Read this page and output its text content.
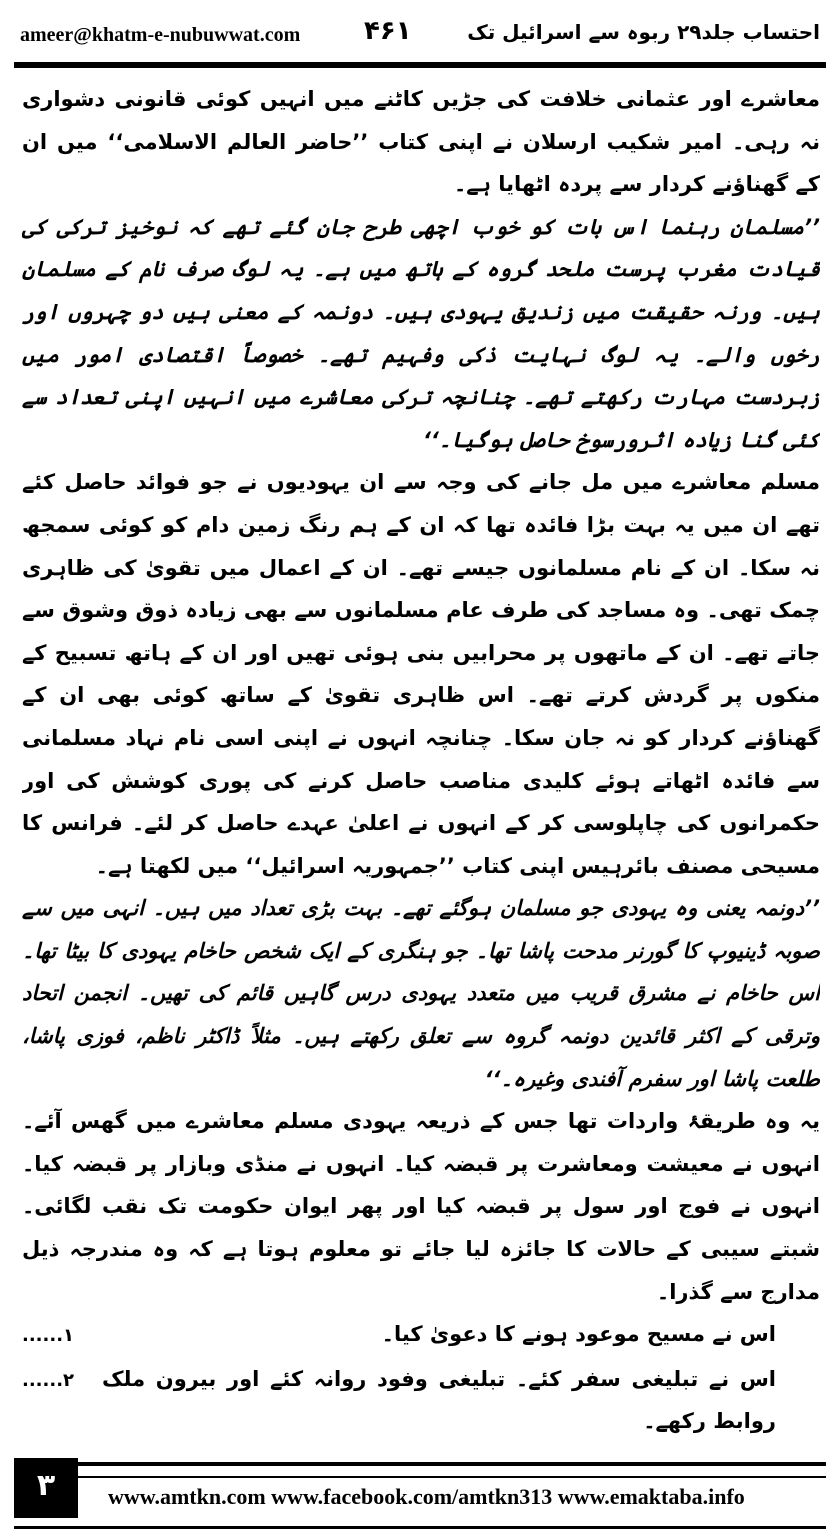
ameer@khatm-e-nubuwwat.com ۴۶۱	احتساب جلد۲۹ ربوہ سے اسرائیل تک

معاشرے اور عثمانی خلافت کی جڑیں کاٹنے میں انہیں کوئی قانونی دشواری نہ رہی۔ امیر شکیب ارسلان نے اپنی کتاب ’’حاضر العالم الاسلامی‘‘ میں ان کے گھناؤنے کردار سے پردہ اٹھایا ہے۔

’’مسلمان رہنما اس بات کو خوب اچھی طرح جان گئے تھے کہ نوخیز ترکی کی قیادت مغرب پرست ملحد گروہ کے ہاتھ میں ہے۔ یہ لوگ صرف نام کے مسلمان ہیں۔ ورنہ حقیقت میں زندیق یہودی ہیں۔ دونمہ کے معنی ہیں دو چہروں اور رخوں والے۔ یہ لوگ نہایت ذکی وفہیم تھے۔ خصوصاً اقتصادی امور میں زبردست مہارت رکھتے تھے۔ چنانچہ ترکی معاشرے میں انہیں اپنی تعداد سے کئی گنا زیادہ اثرورسوخ حاصل ہوگیا۔‘‘

مسلم معاشرے میں مل جانے کی وجہ سے ان یہودیوں نے جو فوائد حاصل کئے تھے ان میں یہ بہت بڑا فائدہ تھا کہ ان کے ہم رنگ زمین دام کو کوئی سمجھ نہ سکا۔ ان کے نام مسلمانوں جیسے تھے۔ ان کے اعمال میں تقویٰ کی ظاہری چمک تھی۔ وہ مساجد کی طرف عام مسلمانوں سے بھی زیادہ ذوق وشوق سے جاتے تھے۔ ان کے ماتھوں پر محرابیں بنی ہوئی تھیں اور ان کے ہاتھ تسبیح کے منکوں پر گردش کرتے تھے۔ اس ظاہری تقویٰ کے ساتھ کوئی بھی ان کے گھناؤنے کردار کو نہ جان سکا۔ چنانچہ انہوں نے اپنی اسی نام نہاد مسلمانی سے فائدہ اٹھاتے ہوئے کلیدی مناصب حاصل کرنے کی پوری کوشش کی اور حکمرانوں کی چاپلوسی کر کے انہوں نے اعلیٰ عہدے حاصل کر لئے۔ فرانس کا مسیحی مصنف بائرہیس اپنی کتاب ’’جمہوریہ اسرائیل‘‘ میں لکھتا ہے۔

’’دونمہ یعنی وہ یہودی جو مسلمان ہوگئے تھے۔ بہت بڑی تعداد میں ہیں۔ انہی میں سے صوبہ ڈینیوپ کا گورنر مدحت پاشا تھا۔ جو ہنگری کے ایک شخص حاخام یہودی کا بیٹا تھا۔ اس حاخام نے مشرق قریب میں متعدد یہودی درس گاہیں قائم کی تھیں۔ انجمن اتحاد وترقی کے اکثر قائدین دونمہ گروہ سے تعلق رکھتے ہیں۔ مثلاً ڈاکٹر ناظم، فوزی پاشا، طلعت پاشا اور سفرم آفندی وغیرہ۔‘‘

یہ وہ طریقۂ واردات تھا جس کے ذریعہ یہودی مسلم معاشرے میں گھس آئے۔ انہوں نے معیشت ومعاشرت پر قبضہ کیا۔ انہوں نے منڈی وبازار پر قبضہ کیا۔ انہوں نے فوج اور سول پر قبضہ کیا اور پھر ایوان حکومت تک نقب لگائی۔ شبتے سیبی کے حالات کا جائزہ لیا جائے تو معلوم ہوتا ہے کہ وہ مندرجہ ذیل مدارج سے گذرا۔

اس نے مسیح موعود ہونے کا دعویٰ کیا۔
۱......
اس نے تبلیغی سفر کئے۔ تبلیغی وفود روانہ کئے اور بیرون ملک روابط رکھے۔
۲......
۳	www.amtkn.com www.facebook.com/amtkn313 www.emaktaba.info
